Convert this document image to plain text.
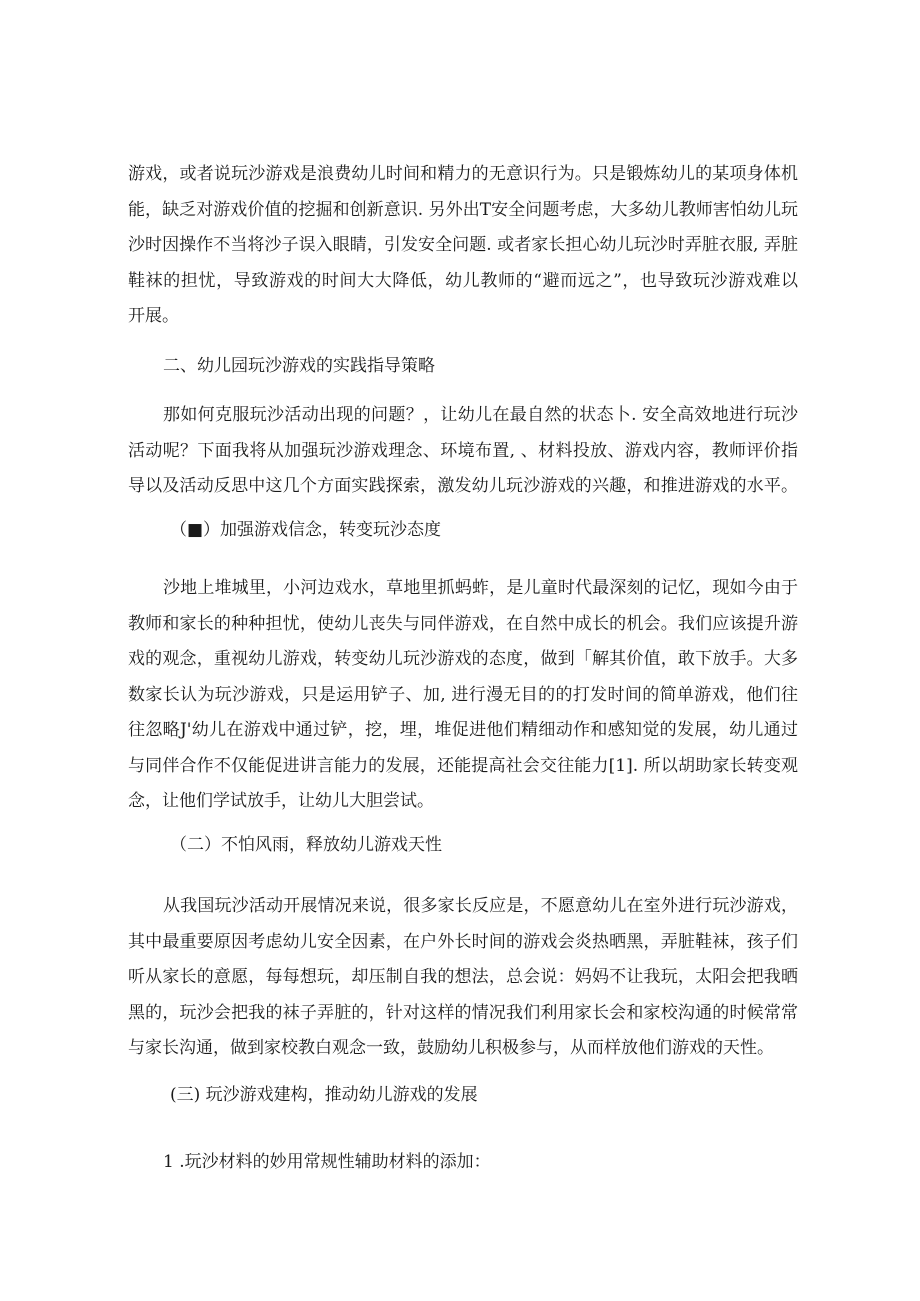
游戏，或者说玩沙游戏是浪费幼儿时间和精力的无意识行为。只是锻炼幼儿的某项身体机
能，缺乏对游戏价值的挖掘和创新意识. 另外出T安全问题考虑，大多幼儿教师害怕幼儿玩
沙时因操作不当将沙子误入眼睛，引发安全问题. 或者家长担心幼儿玩沙时弄脏衣服, 弄脏
鞋袜的担忧，导致游戏的时间大大降低，幼儿教师的“避而远之”，也导致玩沙游戏难以
开展。

二、幼儿园玩沙游戏的实践指导策略

那如何克服玩沙活动出现的问题？，让幼儿在最自然的状态卜. 安全高效地进行玩沙
活动呢？下面我将从加强玩沙游戏理念、环境布置, 、材料投放、游戏内容，教师评价指
导以及活动反思中这几个方面实践探索，激发幼儿玩沙游戏的兴趣，和推进游戏的水平。

（■）加强游戏信念，转变玩沙态度

沙地上堆城里，小河边戏水，草地里抓蚂蚱，是儿童时代最深刻的记忆，现如今由于
教师和家长的种种担忧，使幼儿丧失与同伴游戏，在自然中成长的机会。我们应该提升游
戏的观念，重视幼儿游戏，转变幼儿玩沙游戏的态度，做到「解其价值，敢下放手。大多
数家长认为玩沙游戏，只是运用铲子、加, 进行漫无目的的打发时间的简单游戏，他们往
往忽略J'幼儿在游戏中通过铲，挖，埋，堆促进他们精细动作和感知觉的发展，幼儿通过
与同伴合作不仅能促进讲言能力的发展，还能提高社会交往能力[1]. 所以胡助家长转变观
念，让他们学试放手，让幼儿大胆尝试。

（二）不怕风雨，释放幼儿游戏天性

从我国玩沙活动开展情况来说，很多家长反应是，不愿意幼儿在室外进行玩沙游戏，
其中最重要原因考虑幼儿安全因素，在户外长时间的游戏会炎热晒黑，弄脏鞋袜，孩子们
听从家长的意愿，每每想玩，却压制自我的想法，总会说：妈妈不让我玩，太阳会把我晒
黑的，玩沙会把我的袜子弄脏的，针对这样的情况我们利用家长会和家校沟通的时候常常
与家长沟通，做到家校教白观念一致，鼓励幼儿积极参与，从而样放他们游戏的天性。

(三) 玩沙游戏建构，推动幼儿游戏的发展

1 .玩沙材料的妙用常规性辅助材料的添加：
